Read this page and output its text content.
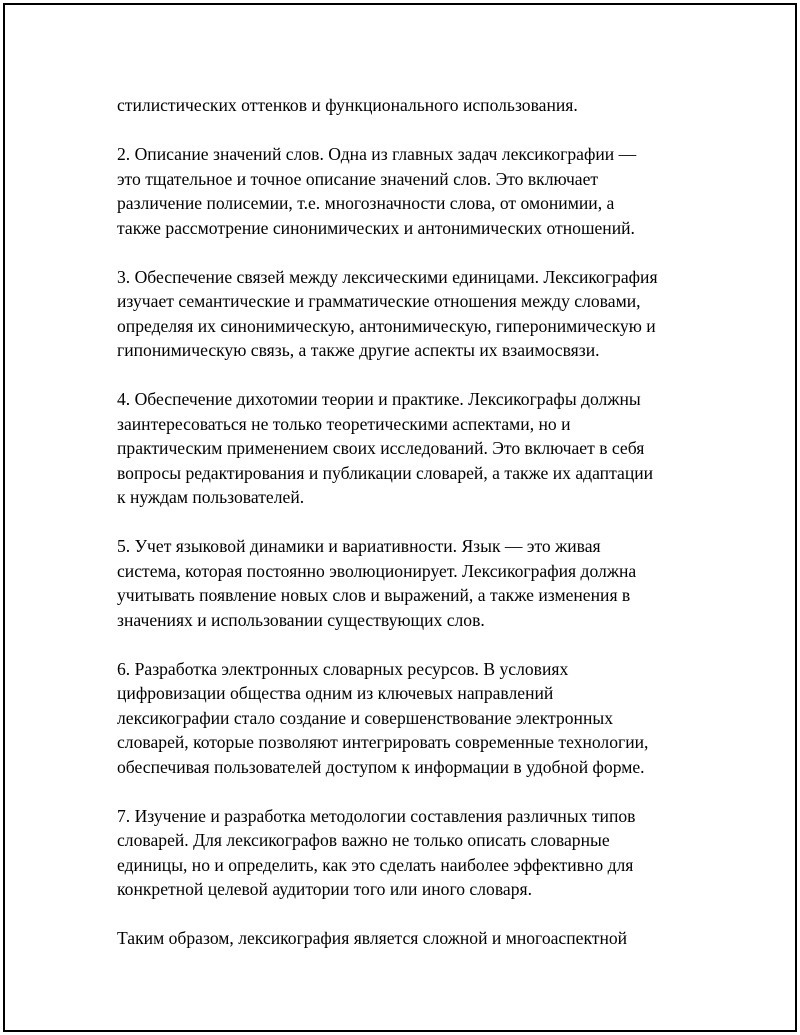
стилистических оттенков и функционального использования.

2. Описание значений слов. Одна из главных задач лексикографии —
это тщательное и точное описание значений слов. Это включает
различение полисемии, т.е. многозначности слова, от омонимии, а
также рассмотрение синонимических и антонимических отношений.

3. Обеспечение связей между лексическими единицами. Лексикография
изучает семантические и грамматические отношения между словами,
определяя их синонимическую, антонимическую, гиперонимическую и
гипонимическую связь, а также другие аспекты их взаимосвязи.

4. Обеспечение дихотомии теории и практике. Лексикографы должны
заинтересоваться не только теоретическими аспектами, но и
практическим применением своих исследований. Это включает в себя
вопросы редактирования и публикации словарей, а также их адаптации
к нуждам пользователей.

5. Учет языковой динамики и вариативности. Язык — это живая
система, которая постоянно эволюционирует. Лексикография должна
учитывать появление новых слов и выражений, а также изменения в
значениях и использовании существующих слов.

6. Разработка электронных словарных ресурсов. В условиях
цифровизации общества одним из ключевых направлений
лексикографии стало создание и совершенствование электронных
словарей, которые позволяют интегрировать современные технологии,
обеспечивая пользователей доступом к информации в удобной форме.

7. Изучение и разработка методологии составления различных типов
словарей. Для лексикографов важно не только описать словарные
единицы, но и определить, как это сделать наиболее эффективно для
конкретной целевой аудитории того или иного словаря.

Таким образом, лексикография является сложной и многоаспектной
